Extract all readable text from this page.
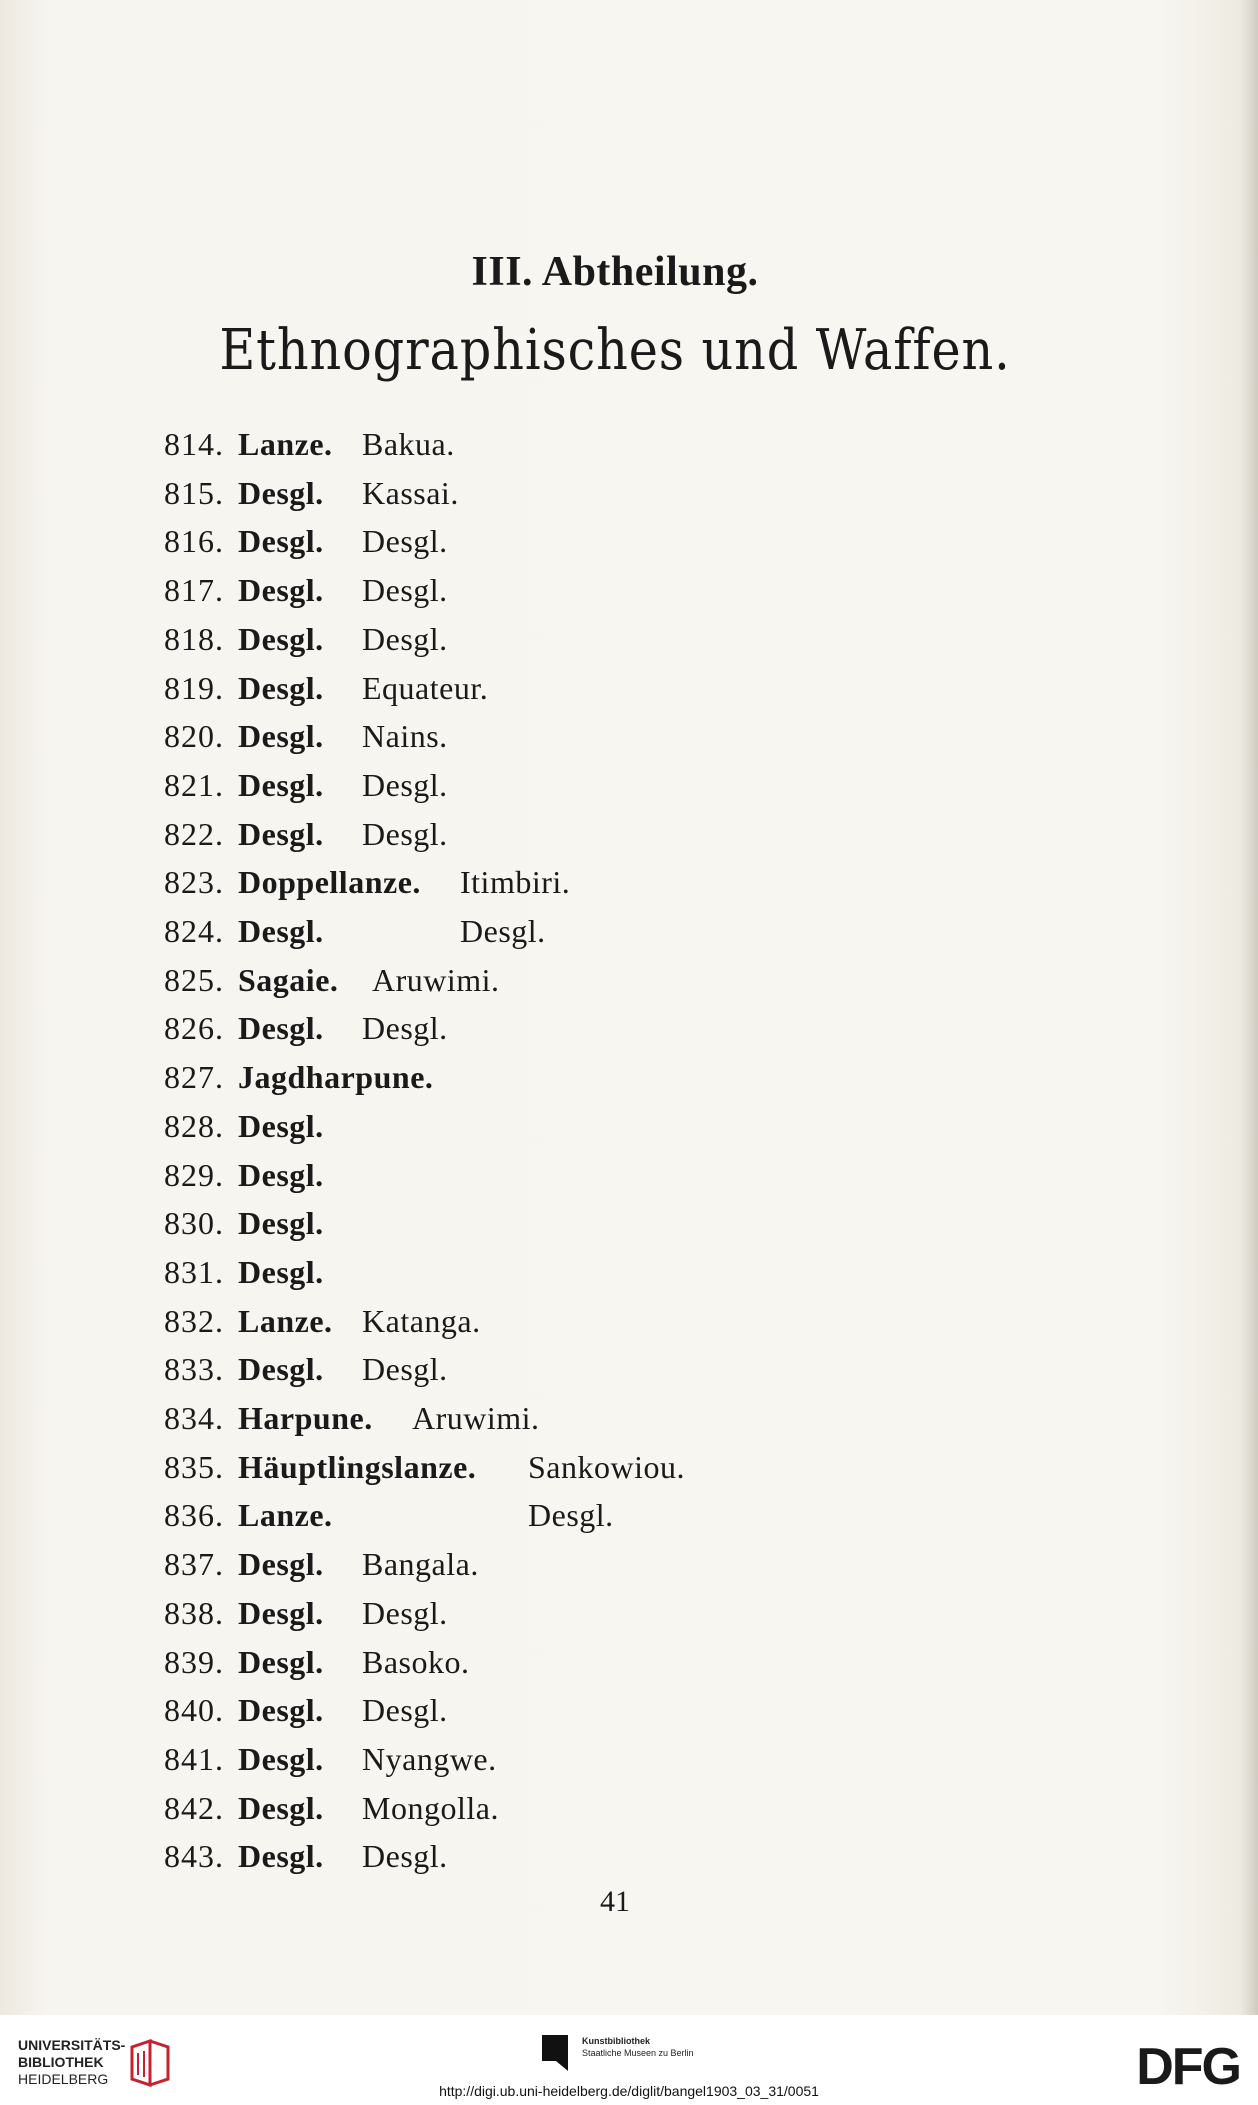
III. Abtheilung.
Ethnographisches und Waffen.
814. Lanze. Bakua.
815. Desgl. Kassai.
816. Desgl. Desgl.
817. Desgl. Desgl.
818. Desgl. Desgl.
819. Desgl. Equateur.
820. Desgl. Nains.
821. Desgl. Desgl.
822. Desgl. Desgl.
823. Doppellanze. Itimbiri.
824. Desgl.	Desgl.
825. Sagaie. Aruwimi.
826. Desgl. Desgl.
827. Jagdharpune.
828. Desgl.
829. Desgl.
830. Desgl.
831. Desgl.
832. Lanze. Katanga.
833. Desgl. Desgl.
834. Harpune. Aruwimi.
835. Häuptlingslanze. Sankowiou.
836. Lanze.	Desgl.
837. Desgl. Bangala.
838. Desgl. Desgl.
839. Desgl. Basoko.
840. Desgl. Desgl.
841. Desgl. Nyangwe.
842. Desgl. Mongolla.
843. Desgl. Desgl.
41
UNIVERSITÄTS-
BIBLIOTHEK
HEIDELBERG
Kunstbibliothek
Staatliche Museen zu Berlin	DFG
http://digi.ub.uni-heidelberg.de/diglit/bangel1903_03_31/0051
